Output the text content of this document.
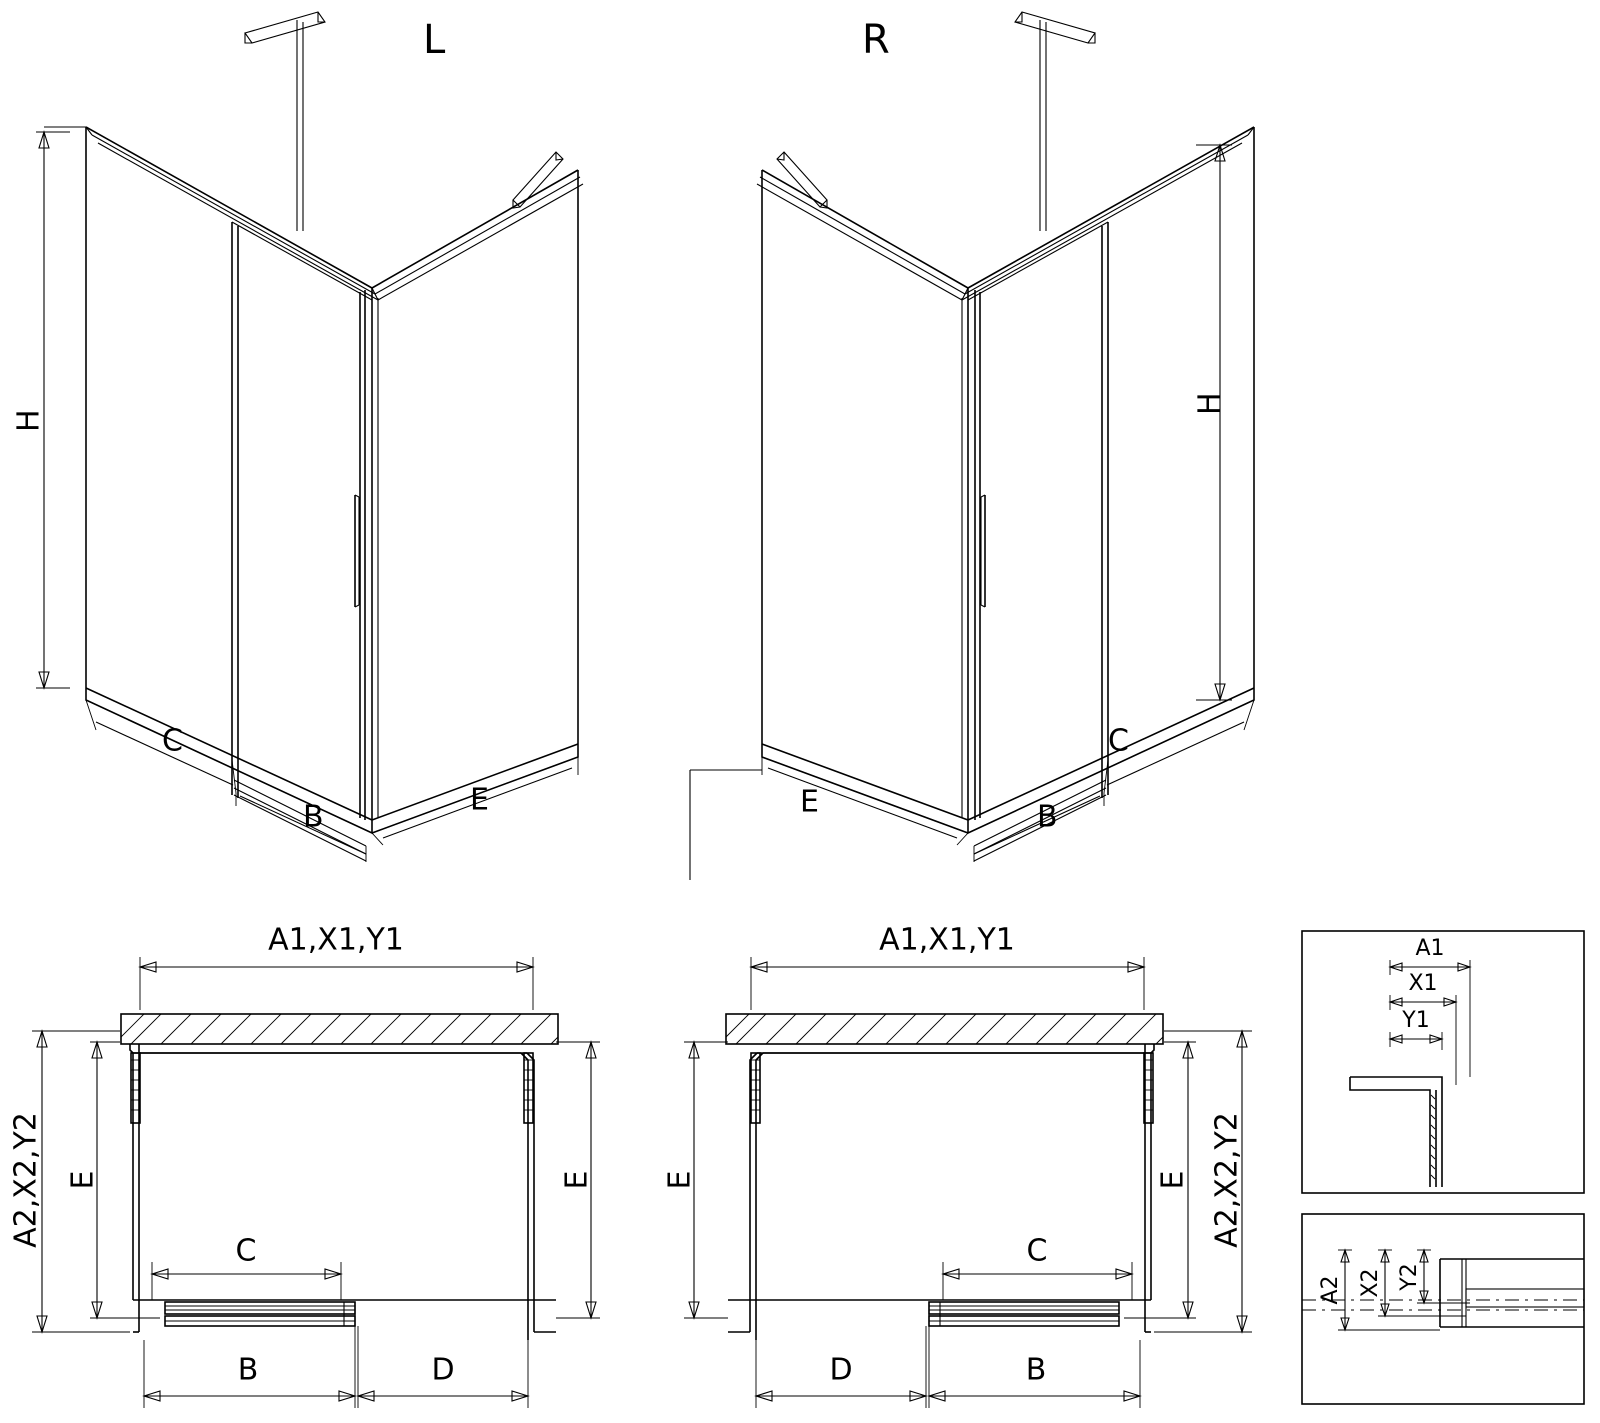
L
H
C
B	E
R
H
C
B
E
A1,X1,Y1
A2,X2,Y2 E	E
C
B	D
A1,X1,Y1
A2,X2,Y2
E
E
C
D	B
A1
X1
Y1
A2 X2 Y2
